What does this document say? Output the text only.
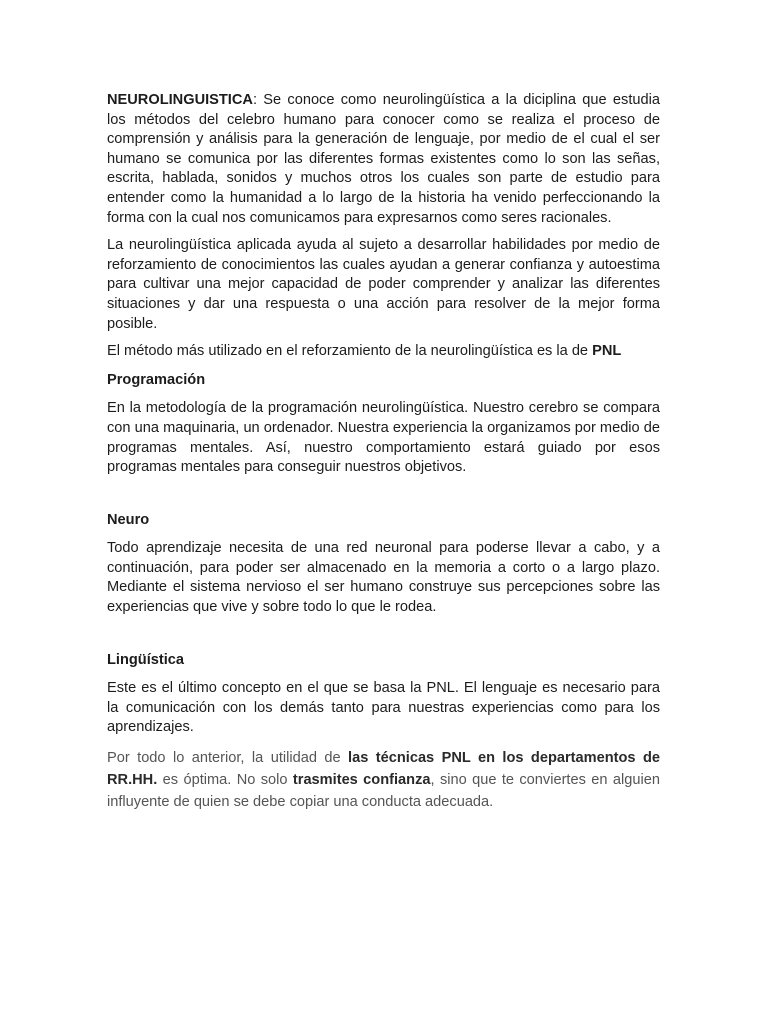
NEUROLINGUISTICA: Se conoce como neurolingüística a la diciplina que estudia los métodos del celebro humano para conocer como se realiza el proceso de comprensión y análisis para la generación de lenguaje, por medio de el cual el ser humano se comunica por las diferentes formas existentes como lo son las señas, escrita, hablada, sonidos y muchos otros los cuales son parte de estudio para entender como la humanidad a lo largo de la historia ha venido perfeccionando la forma con la cual nos comunicamos para expresarnos como seres racionales.

La neurolingüística aplicada ayuda al sujeto a desarrollar habilidades por medio de reforzamiento de conocimientos las cuales ayudan a generar confianza y autoestima para cultivar una mejor capacidad de poder comprender y analizar las diferentes situaciones y dar una respuesta o una acción para resolver de la mejor forma posible.

El método más utilizado en el reforzamiento de la neurolingüística es la de PNL

Programación

En la metodología de la programación neurolingüística. Nuestro cerebro se compara con una maquinaria, un ordenador. Nuestra experiencia la organizamos por medio de programas mentales. Así, nuestro comportamiento estará guiado por esos programas mentales para conseguir nuestros objetivos.

Neuro

Todo aprendizaje necesita de una red neuronal para poderse llevar a cabo, y a continuación, para poder ser almacenado en la memoria a corto o a largo plazo. Mediante el sistema nervioso el ser humano construye sus percepciones sobre las experiencias que vive y sobre todo lo que le rodea.

Lingüística

Este es el último concepto en el que se basa la PNL. El lenguaje es necesario para la comunicación con los demás tanto para nuestras experiencias como para los aprendizajes.

Por todo lo anterior, la utilidad de las técnicas PNL en los departamentos de RR.HH. es óptima. No solo trasmites confianza, sino que te conviertes en alguien influyente de quien se debe copiar una conducta adecuada.
